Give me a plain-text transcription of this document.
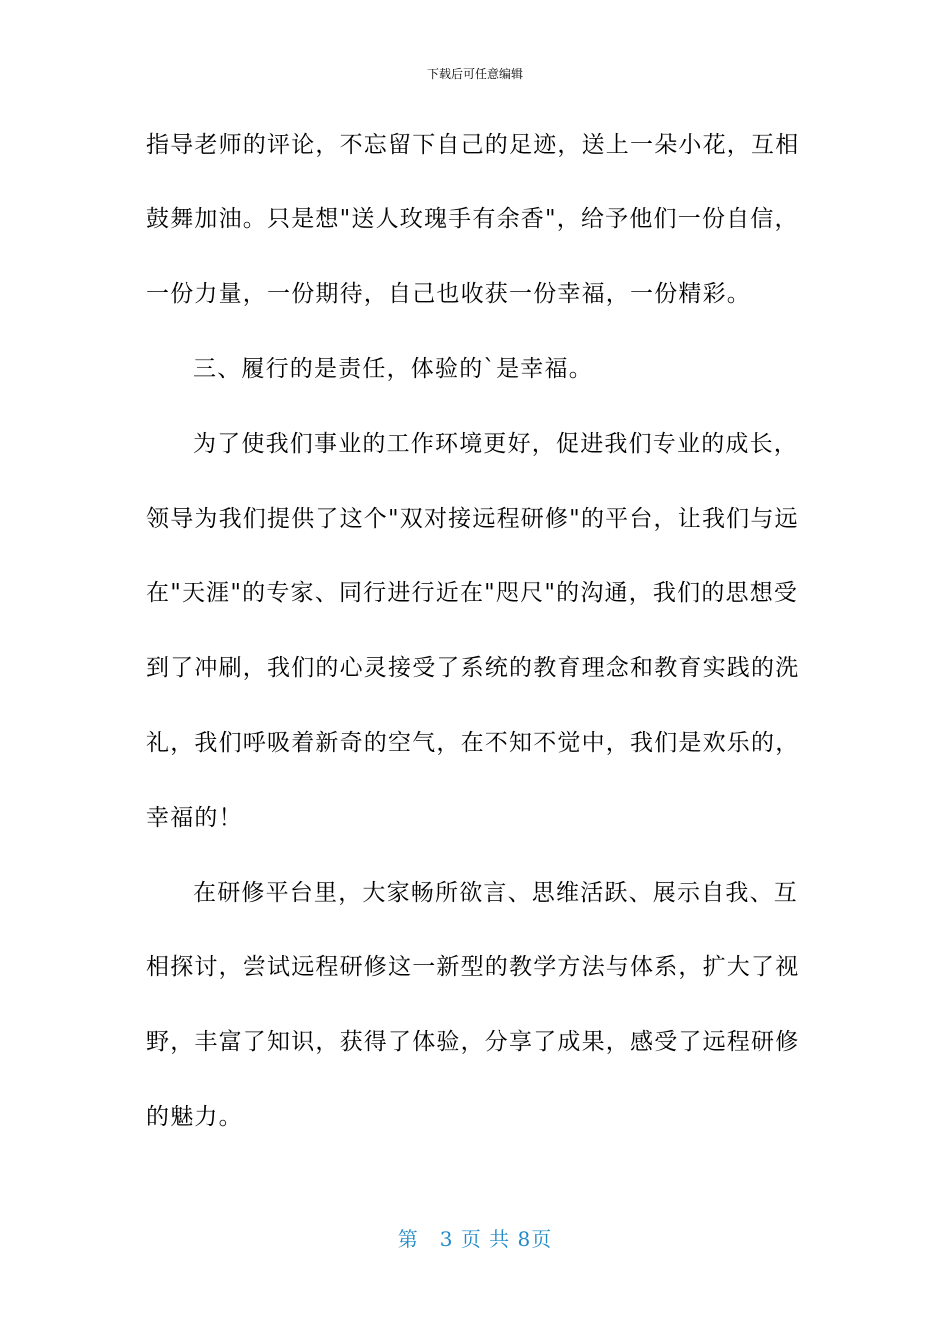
下载后可任意编辑
指导老师的评论，不忘留下自己的足迹，送上一朵小花，互相
鼓舞加油。只是想"送人玫瑰手有余香"，给予他们一份自信，
一份力量，一份期待，自己也收获一份幸福，一份精彩。
三、履行的是责任，体验的`是幸福。
为了使我们事业的工作环境更好，促进我们专业的成长，
领导为我们提供了这个"双对接远程研修"的平台，让我们与远
在"天涯"的专家、同行进行近在"咫尺"的沟通，我们的思想受
到了冲刷，我们的心灵接受了系统的教育理念和教育实践的洗
礼，我们呼吸着新奇的空气，在不知不觉中，我们是欢乐的，
幸福的！
在研修平台里，大家畅所欲言、思维活跃、展示自我、互
相探讨，尝试远程研修这一新型的教学方法与体系，扩大了视
野，丰富了知识，获得了体验，分享了成果，感受了远程研修
的魅力。
第　3 页 共 8页
